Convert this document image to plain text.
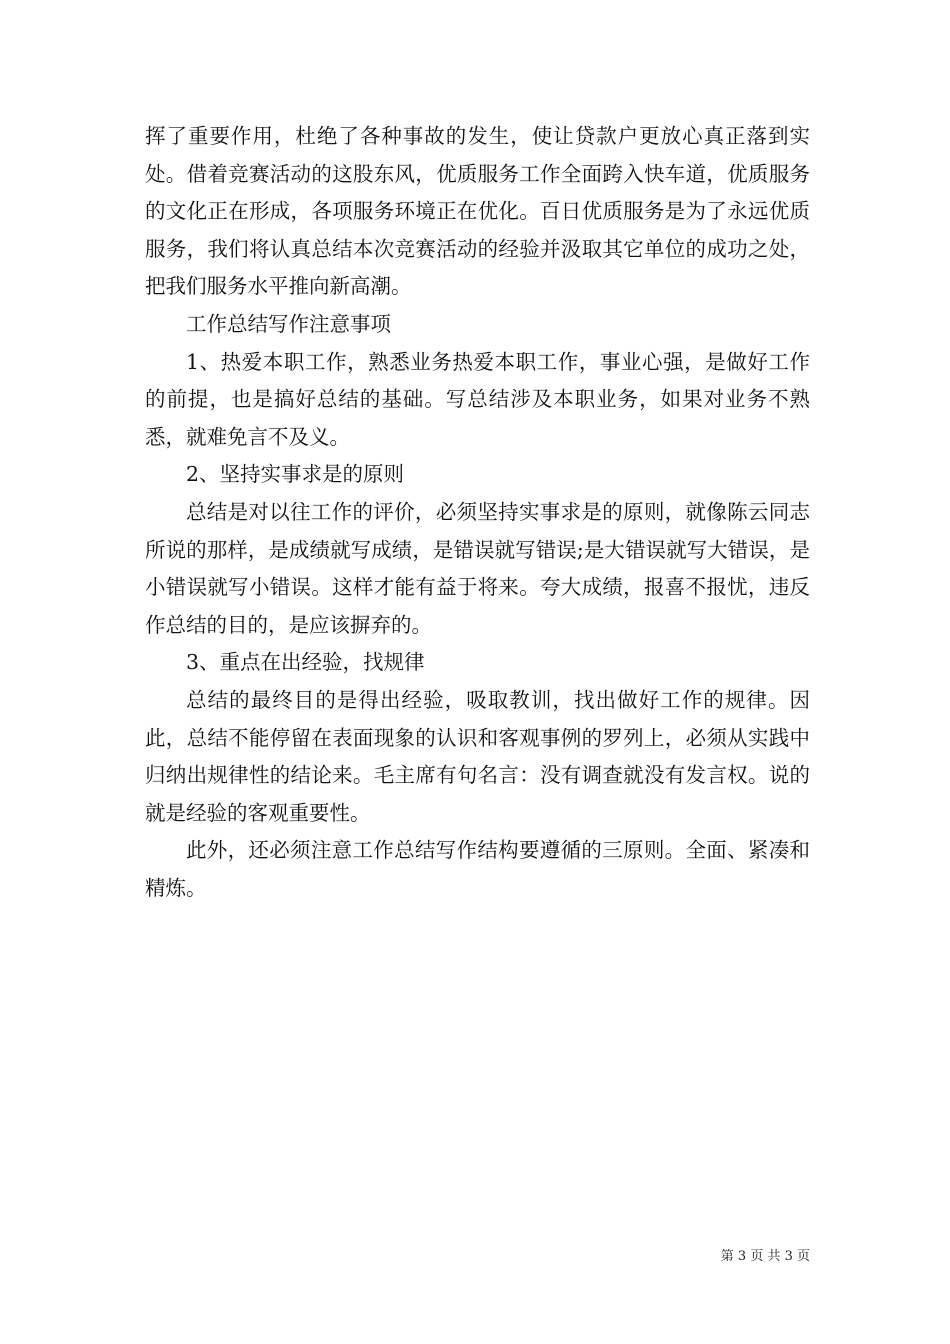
挥了重要作用，杜绝了各种事故的发生，使让贷款户更放心真正落到实处。借着竞赛活动的这股东风，优质服务工作全面跨入快车道，优质服务的文化正在形成，各项服务环境正在优化。百日优质服务是为了永远优质服务，我们将认真总结本次竞赛活动的经验并汲取其它单位的成功之处，把我们服务水平推向新高潮。

工作总结写作注意事项

1、热爱本职工作，熟悉业务热爱本职工作，事业心强，是做好工作的前提，也是搞好总结的基础。写总结涉及本职业务，如果对业务不熟悉，就难免言不及义。

2、坚持实事求是的原则

总结是对以往工作的评价，必须坚持实事求是的原则，就像陈云同志所说的那样，是成绩就写成绩，是错误就写错误;是大错误就写大错误，是小错误就写小错误。这样才能有益于将来。夸大成绩，报喜不报忧，违反作总结的目的，是应该摒弃的。

3、重点在出经验，找规律

总结的最终目的是得出经验，吸取教训，找出做好工作的规律。因此，总结不能停留在表面现象的认识和客观事例的罗列上，必须从实践中归纳出规律性的结论来。毛主席有句名言：没有调查就没有发言权。说的就是经验的客观重要性。

此外，还必须注意工作总结写作结构要遵循的三原则。全面、紧凑和精炼。

第 3 页 共 3 页
